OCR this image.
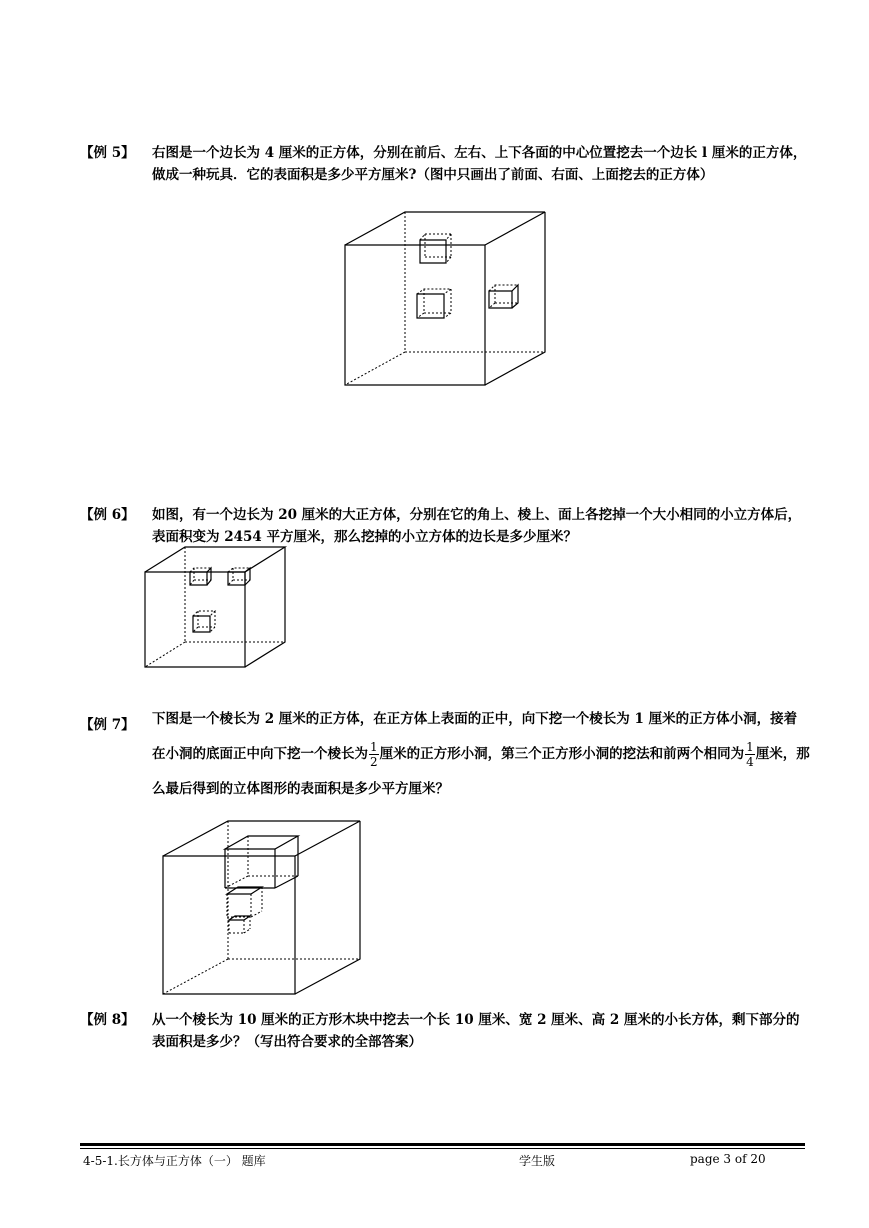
【例 5】 右图是一个边长为 4 厘米的正方体，分别在前后、左右、上下各面的中心位置挖去一个边长 l 厘米的正方体，做成一种玩具．它的表面积是多少平方厘米?（图中只画出了前面、右面、上面挖去的正方体）
【例 6】 如图，有一个边长为 20 厘米的大正方体，分别在它的角上、棱上、面上各挖掉一个大小相同的小立方体后，表面积变为 2454 平方厘米，那么挖掉的小立方体的边长是多少厘米？
【例 7】 下图是一个棱长为 2 厘米的正方体，在正方体上表面的正中，向下挖一个棱长为 1 厘米的正方体小洞，接着在小洞的底面正中向下挖一个棱长为 $\frac{1}{2}$ 厘米的正方形小洞，第三个正方形小洞的挖法和前两个相同为 $\frac{1}{4}$ 厘米，那么最后得到的立体图形的表面积是多少平方厘米？
【例 8】 从一个棱长为 10 厘米的正方形木块中挖去一个长 10 厘米、宽 2 厘米、高 2 厘米的小长方体，剩下部分的表面积是多少？（写出符合要求的全部答案）
4-5-1.长方体与正方体（一） 题库	学生版	page 3 of 20
